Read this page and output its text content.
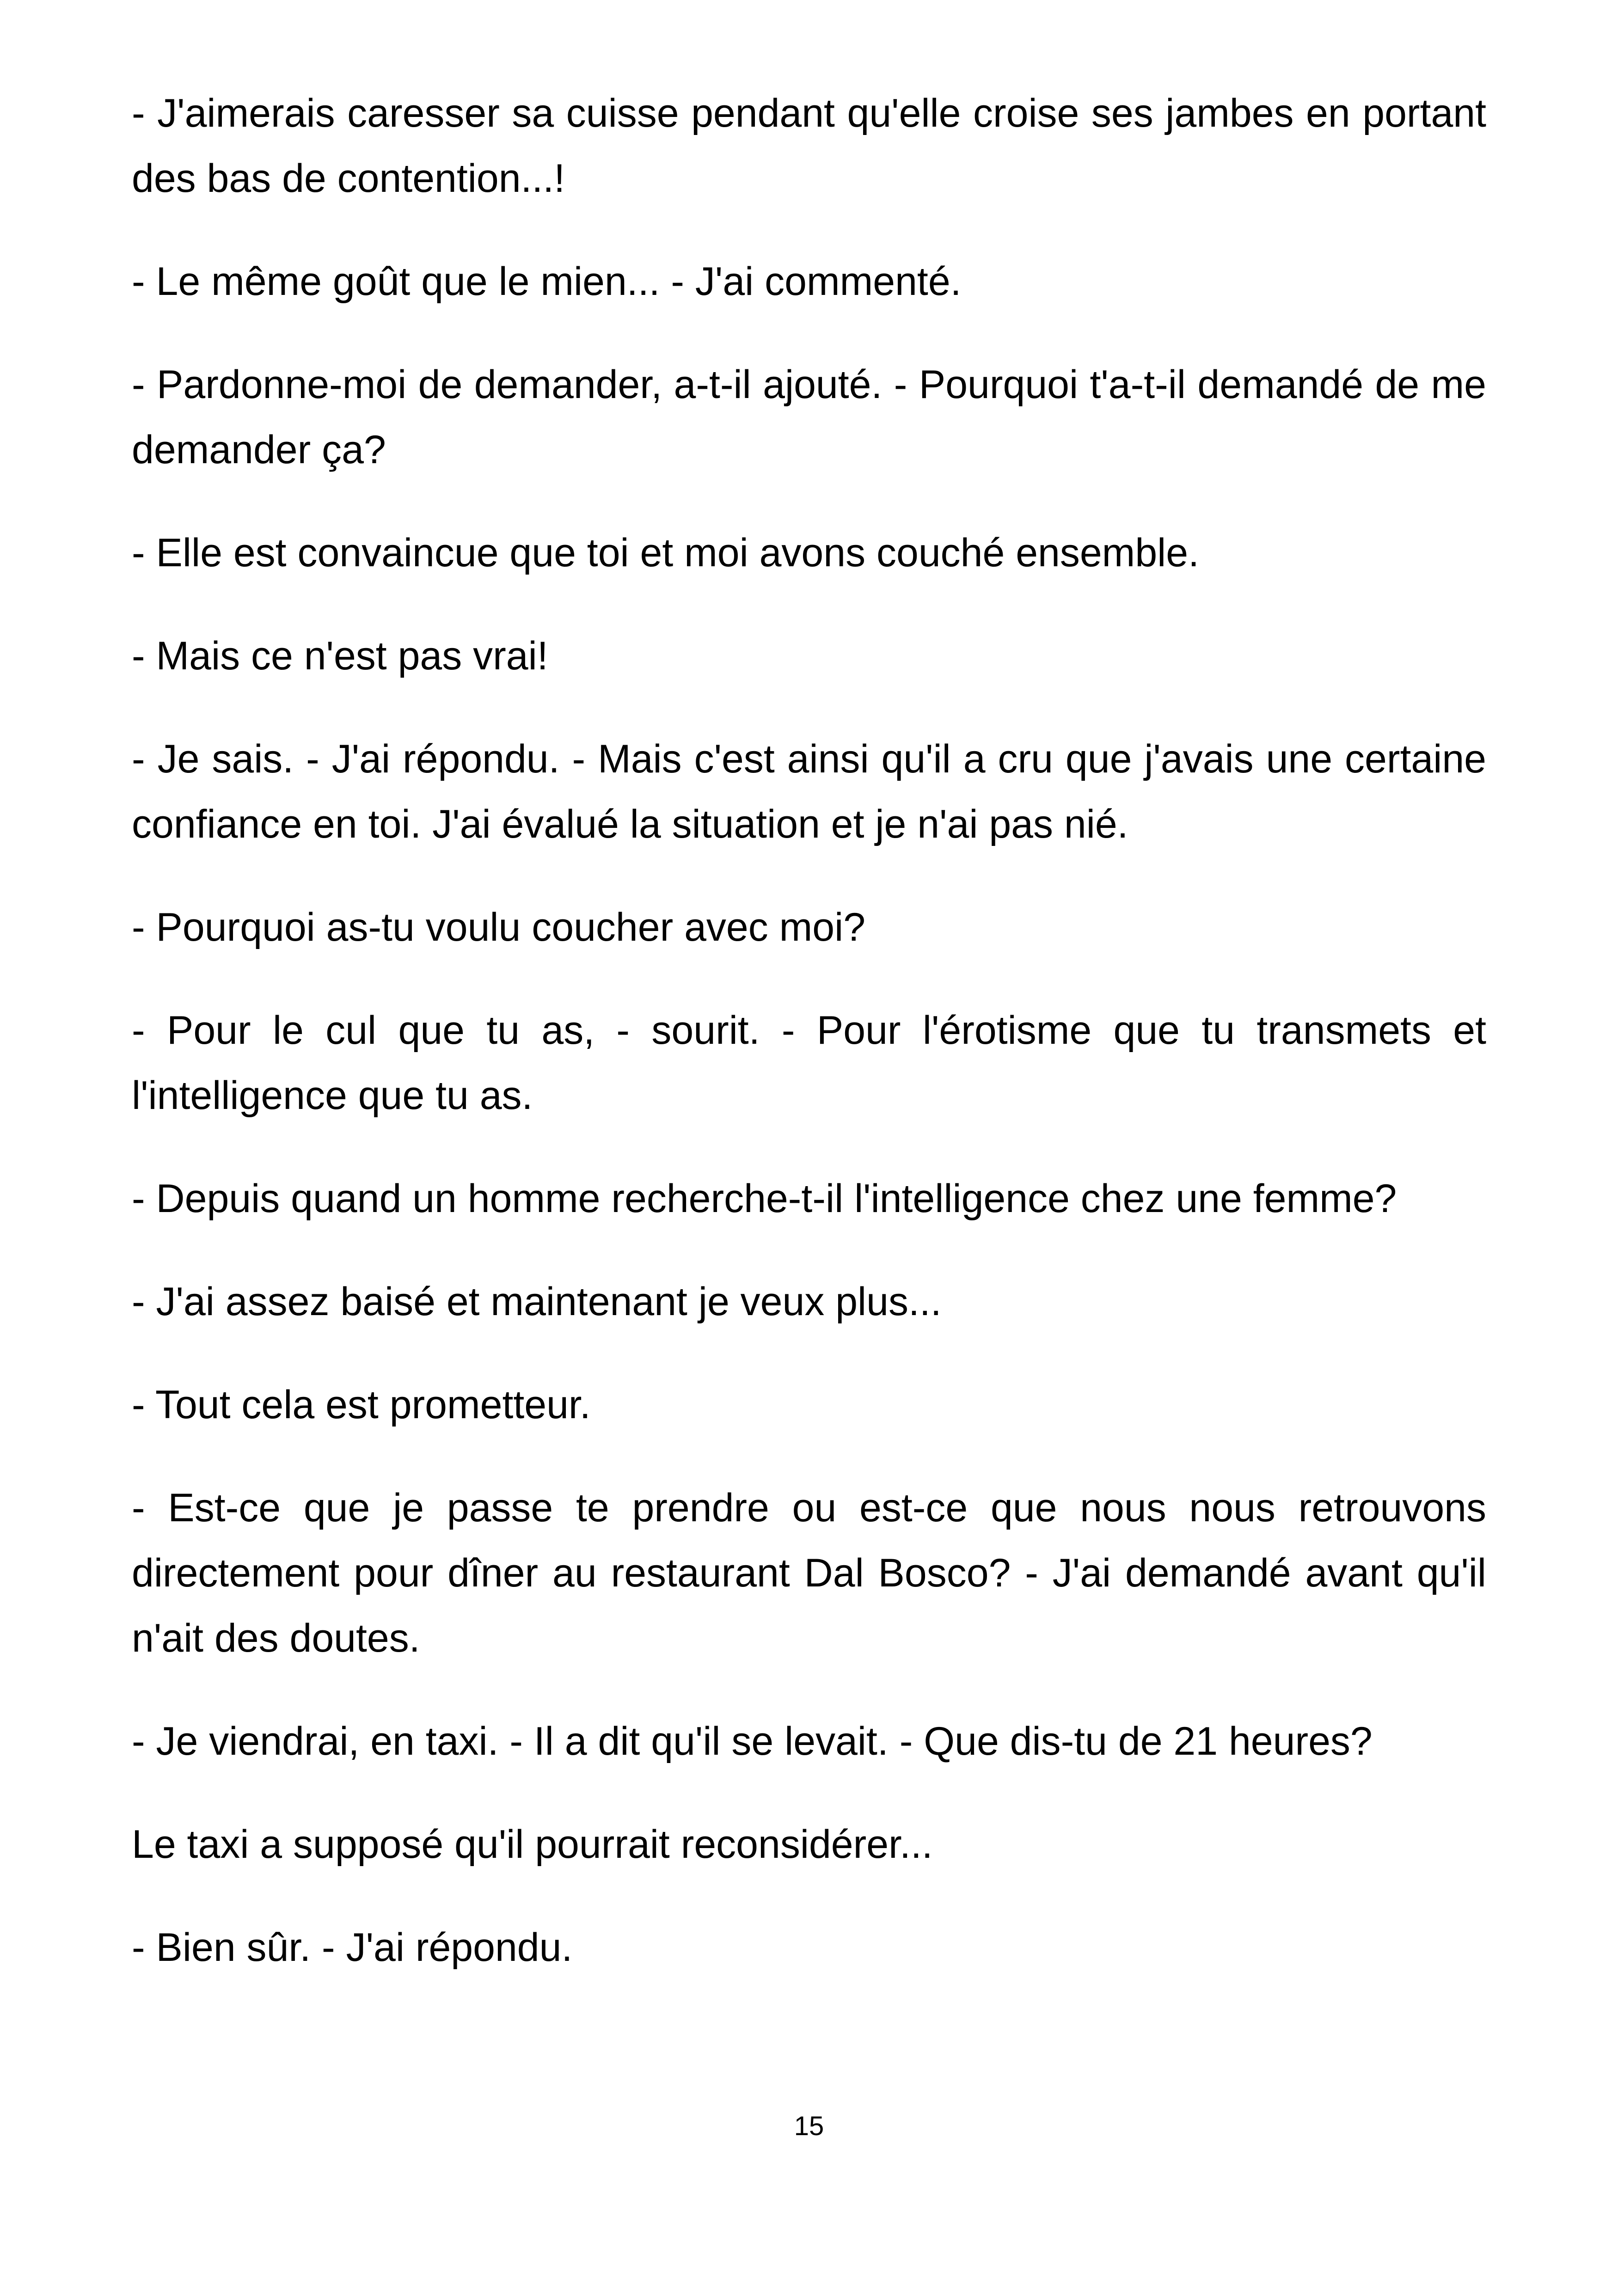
- J'aimerais caresser sa cuisse pendant qu'elle croise ses jambes en portant des bas de contention...!

- Le même goût que le mien... - J'ai commenté.

- Pardonne-moi de demander, a-t-il ajouté. - Pourquoi t'a-t-il demandé de me demander ça?

- Elle est convaincue que toi et moi avons couché ensemble.

- Mais ce n'est pas vrai!

- Je sais. - J'ai répondu. - Mais c'est ainsi qu'il a cru que j'avais une certaine confiance en toi. J'ai évalué la situation et je n'ai pas nié.

- Pourquoi as-tu voulu coucher avec moi?

- Pour le cul que tu as, - sourit. - Pour l'érotisme que tu transmets et l'intelligence que tu as.

- Depuis quand un homme recherche-t-il l'intelligence chez une femme?

- J'ai assez baisé et maintenant je veux plus...

- Tout cela est prometteur.

- Est-ce que je passe te prendre ou est-ce que nous nous retrouvons directement pour dîner au restaurant Dal Bosco? - J'ai demandé avant qu'il n'ait des doutes.

- Je viendrai, en taxi. - Il a dit qu'il se levait. - Que dis-tu de 21 heures?

Le taxi a supposé qu'il pourrait reconsidérer...

- Bien sûr. - J'ai répondu.

15
